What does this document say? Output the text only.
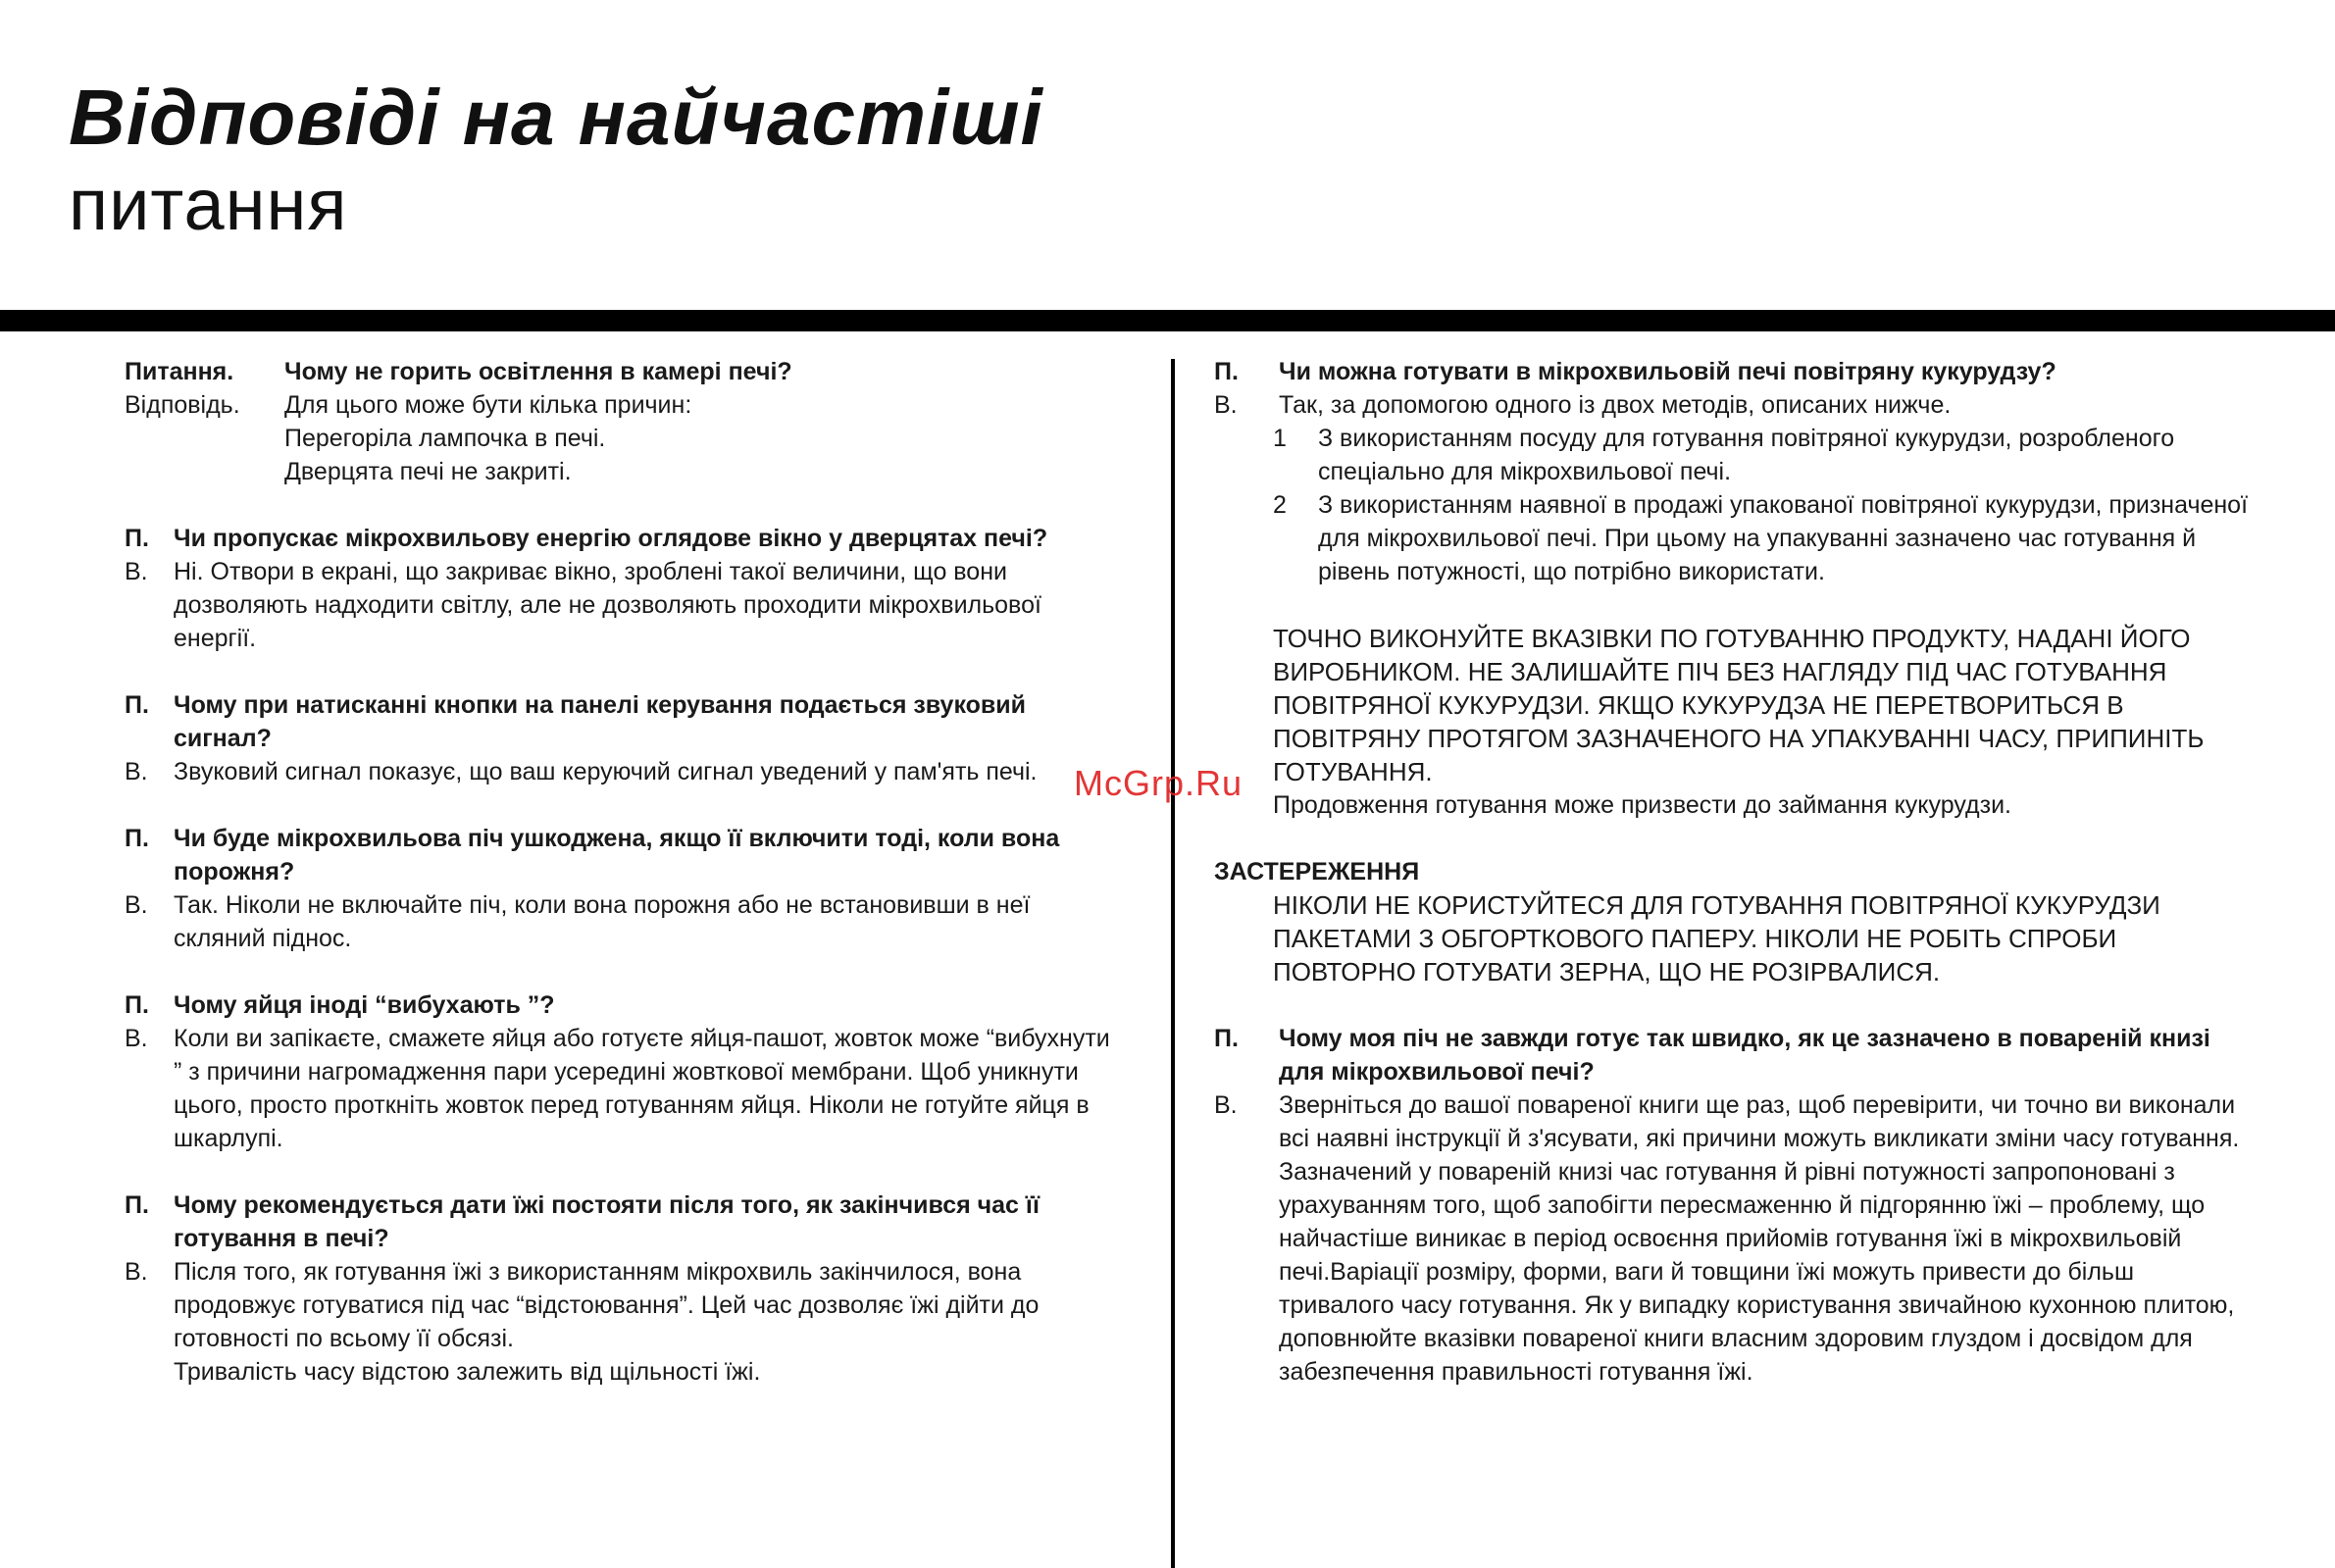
Відповіді на найчастіші
питання
Питання.	Чому не горить освітлення в камері печі?
Відповідь.	Для цього може бути кілька причин:

Перегоріла лампочка в печі.

Дверцята печі не закриті.

П.	Чи пропускає мікрохвильову енергію оглядове вікно у дверцятах печі?
В.	Ні. Отвори в екрані, що закриває вікно, зроблені такої величини, що вони дозволяють надходити світлу, але не дозволяють проходити мікрохвильової енергії.
П.	Чому при натисканні кнопки на панелі керування подається звуковий сигнал?
В.	Звуковий сигнал показує, що ваш керуючий сигнал уведений у пам'ять печі.
П.	Чи буде мікрохвильова піч ушкоджена, якщо її включити тоді, коли вона порожня?
В.	Так. Ніколи не включайте піч, коли вона порожня або не встановивши в неї скляний піднос.
П.	Чому яйця іноді “вибухають ”?
В.	Коли ви запікаєте, смажете яйця або готуєте яйця-пашот, жовток може “вибухнути ” з причини нагромадження пари усередині жовткової мембрани. Щоб уникнути цього, просто проткніть жовток перед готуванням яйця. Ніколи не готуйте яйця в шкарлупі.
П.	Чому рекомендується дати їжі постояти після того, як закінчився час її готування в печі?
В.	Після того, як готування їжі з використанням мікрохвиль закінчилося, вона продовжує готуватися під час “відстоювання”. Цей час дозволяє їжі дійти до готовності по всьому її обсязі.

Тривалість часу відстою залежить від щільності їжі.

П.	Чи можна готувати в мікрохвильовій печі повітряну кукурудзу?
В.	Так, за допомогою одного із двох методів, описаних нижче.
1	З використанням посуду для готування повітряної кукурудзи, розробленого спеціально для мікрохвильової печі.
2	З використанням наявної в продажі упакованої повітряної кукурудзи, призначеної для мікрохвильової печі. При цьому на упакуванні зазначено час готування й рівень потужності, що потрібно використати.

ТОЧНО ВИКОНУЙТЕ ВКАЗІВКИ ПО ГОТУВАННЮ ПРОДУКТУ, НАДАНІ ЙОГО ВИРОБНИКОМ. НЕ ЗАЛИШАЙТЕ ПІЧ БЕЗ НАГЛЯДУ ПІД ЧАС ГОТУВАННЯ ПОВІТРЯНОЇ КУКУРУДЗИ. ЯКЩО КУКУРУДЗА НЕ ПЕРЕТВОРИТЬСЯ В ПОВІТРЯНУ ПРОТЯГОМ ЗАЗНАЧЕНОГО НА УПАКУВАННІ ЧАСУ, ПРИПИНІТЬ ГОТУВАННЯ.

Продовження готування може призвести до займання кукурудзи.

ЗАСТЕРЕЖЕННЯ

НІКОЛИ НЕ КОРИСТУЙТЕСЯ ДЛЯ ГОТУВАННЯ ПОВІТРЯНОЇ КУКУРУДЗИ ПАКЕТАМИ З ОБГОРТКОВОГО ПАПЕРУ. НІКОЛИ НЕ РОБІТЬ СПРОБИ ПОВТОРНО ГОТУВАТИ ЗЕРНА, ЩО НЕ РОЗІРВАЛИСЯ.

П.	Чому моя піч не завжди готує так швидко, як це зазначено в повареній книзі для мікрохвильової печі?
В.	Зверніться до вашої повареної книги ще раз, щоб перевірити, чи точно ви виконали всі наявні інструкції й з'ясувати, які причини можуть викликати зміни часу готування. Зазначений у повареній книзі час готування й рівні потужності запропоновані з урахуванням того, щоб запобігти пересмаженню й підгорянню їжі – проблему, що найчастіше виникає в період освоєння прийомів готування їжі в мікрохвильовій печі.Варіації розміру, форми, ваги й товщини їжі можуть привести до більш тривалого часу готування. Як у випадку користування звичайною кухонною плитою, доповнюйте вказівки повареної книги власним здоровим глуздом і досвідом для забезпечення правильності готування їжі.
McGrp.Ru
